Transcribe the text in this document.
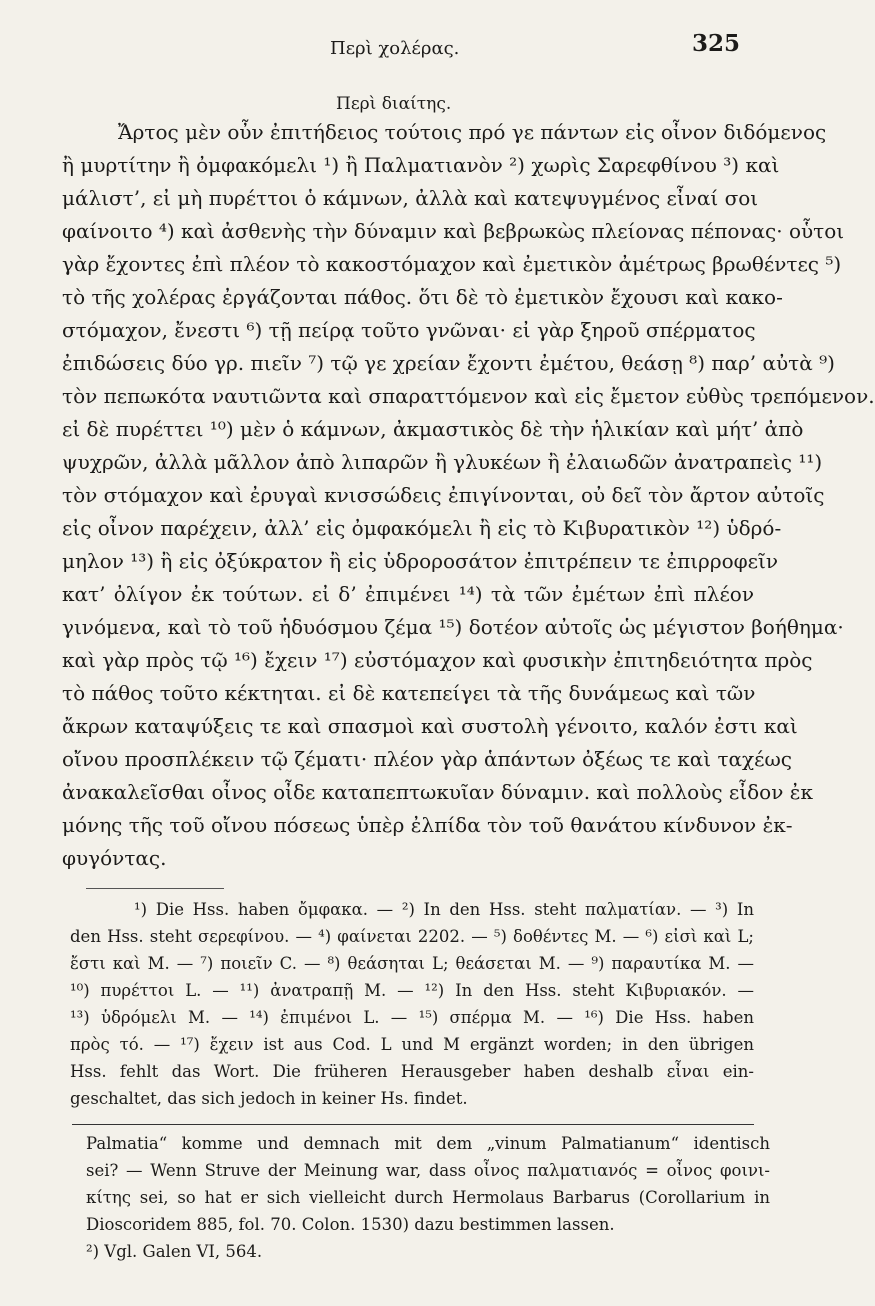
Περὶ χολέρας.	325
Περὶ διαίτης.
Ἄρτος μὲν οὖν ἐπιτήδειος τούτοις πρό γε πάντων εἰς οἶνον διδόμενος
ἢ μυρτίτην ἢ ὀμφακόμελι ¹) ἢ Παλματιανὸν ²) χωρὶς Σαρεφθίνου ³) καὶ
μάλιστ’, εἰ μὴ πυρέττοι ὁ κάμνων, ἀλλὰ καὶ κατεψυγμένος εἶναί σοι
φαίνοιτο ⁴) καὶ ἀσθενὴς τὴν δύναμιν καὶ βεβρωκὼς πλείονας πέπονας· οὗτοι
γὰρ ἔχοντες ἐπὶ πλέον τὸ κακοστόμαχον καὶ ἐμετικὸν ἀμέτρως βρωθέντες ⁵)
τὸ τῆς χολέρας ἐργάζονται πάθος. ὅτι δὲ τὸ ἐμετικὸν ἔχουσι καὶ κακο-
στόμαχον, ἔνεστι ⁶) τῇ πείρᾳ τοῦτο γνῶναι· εἰ γὰρ ξηροῦ σπέρματος
ἐπιδώσεις δύο γρ. πιεῖν ⁷) τῷ γε χρείαν ἔχοντι ἐμέτου, θεάσῃ ⁸) παρ’ αὐτὰ ⁹)
τὸν πεπωκότα ναυτιῶντα καὶ σπαραττόμενον καὶ εἰς ἔμετον εὐθὺς τρεπόμενον.
εἰ δὲ πυρέττει ¹⁰) μὲν ὁ κάμνων, ἀκμαστικὸς δὲ τὴν ἡλικίαν καὶ μήτ’ ἀπὸ
ψυχρῶν, ἀλλὰ μᾶλλον ἀπὸ λιπαρῶν ἢ γλυκέων ἢ ἐλαιωδῶν ἀνατραπεὶς ¹¹)
τὸν στόμαχον καὶ ἐρυγαὶ κνισσώδεις ἐπιγίνονται, οὐ δεῖ τὸν ἄρτον αὐτοῖς
εἰς οἶνον παρέχειν, ἀλλ’ εἰς ὀμφακόμελι ἢ εἰς τὸ Κιβυρατικὸν ¹²) ὑδρό-
μηλον ¹³) ἢ εἰς ὀξύκρατον ἢ εἰς ὑδροροσάτον ἐπιτρέπειν τε ἐπιρροφεῖν
κατ’ ὀλίγον ἐκ τούτων. εἰ δ’ ἐπιμένει ¹⁴) τὰ τῶν ἐμέτων ἐπὶ πλέον
γινόμενα, καὶ τὸ τοῦ ἡδυόσμου ζέμα ¹⁵) δοτέον αὐτοῖς ὡς μέγιστον βοήθημα·
καὶ γὰρ πρὸς τῷ ¹⁶) ἔχειν ¹⁷) εὐστόμαχον καὶ φυσικὴν ἐπιτηδειότητα πρὸς
τὸ πάθος τοῦτο κέκτηται. εἰ δὲ κατεπείγει τὰ τῆς δυνάμεως καὶ τῶν
ἄκρων καταψύξεις τε καὶ σπασμοὶ καὶ συστολὴ γένοιτο, καλόν ἐστι καὶ
οἴνου προσπλέκειν τῷ ζέματι· πλέον γὰρ ἁπάντων ὀξέως τε καὶ ταχέως
ἀνακαλεῖσθαι οἶνος οἶδε καταπεπτωκυῖαν δύναμιν. καὶ πολλοὺς εἶδον ἐκ
μόνης τῆς τοῦ οἴνου πόσεως ὑπὲρ ἐλπίδα τὸν τοῦ θανάτου κίνδυνον ἐκ-
φυγόντας.
¹) Die Hss. haben ὄμφακα. — ²) In den Hss. steht παλματίαν. — ³) In
den Hss. steht σερεφίνου. — ⁴) φαίνεται 2202. — ⁵) δοθέντες M. — ⁶) εἰσὶ καὶ L;
ἔστι καὶ M. — ⁷) ποιεῖν C. — ⁸) θεάσηται L; θεάσεται M. — ⁹) παραυτίκα M. —
¹⁰) πυρέττοι L. — ¹¹) ἀνατραπῇ M. — ¹²) In den Hss. steht Κιβυριακόν. —
¹³) ὑδρόμελι M. — ¹⁴) ἐπιμένοι L. — ¹⁵) σπέρμα M. — ¹⁶) Die Hss. haben
πρὸς τό. — ¹⁷) ἔχειν ist aus Cod. L und M ergänzt worden; in den übrigen
Hss. fehlt das Wort. Die früheren Herausgeber haben deshalb εἶναι ein-
geschaltet, das sich jedoch in keiner Hs. findet.
Palmatia“ komme und demnach mit dem „vinum Palmatianum“ identisch
sei? — Wenn Struve der Meinung war, dass οἶνος παλματιανός = οἶνος φοινι-
κίτης sei, so hat er sich vielleicht durch Hermolaus Barbarus (Corollarium in
Dioscoridem 885, fol. 70. Colon. 1530) dazu bestimmen lassen.
²) Vgl. Galen VI, 564.
